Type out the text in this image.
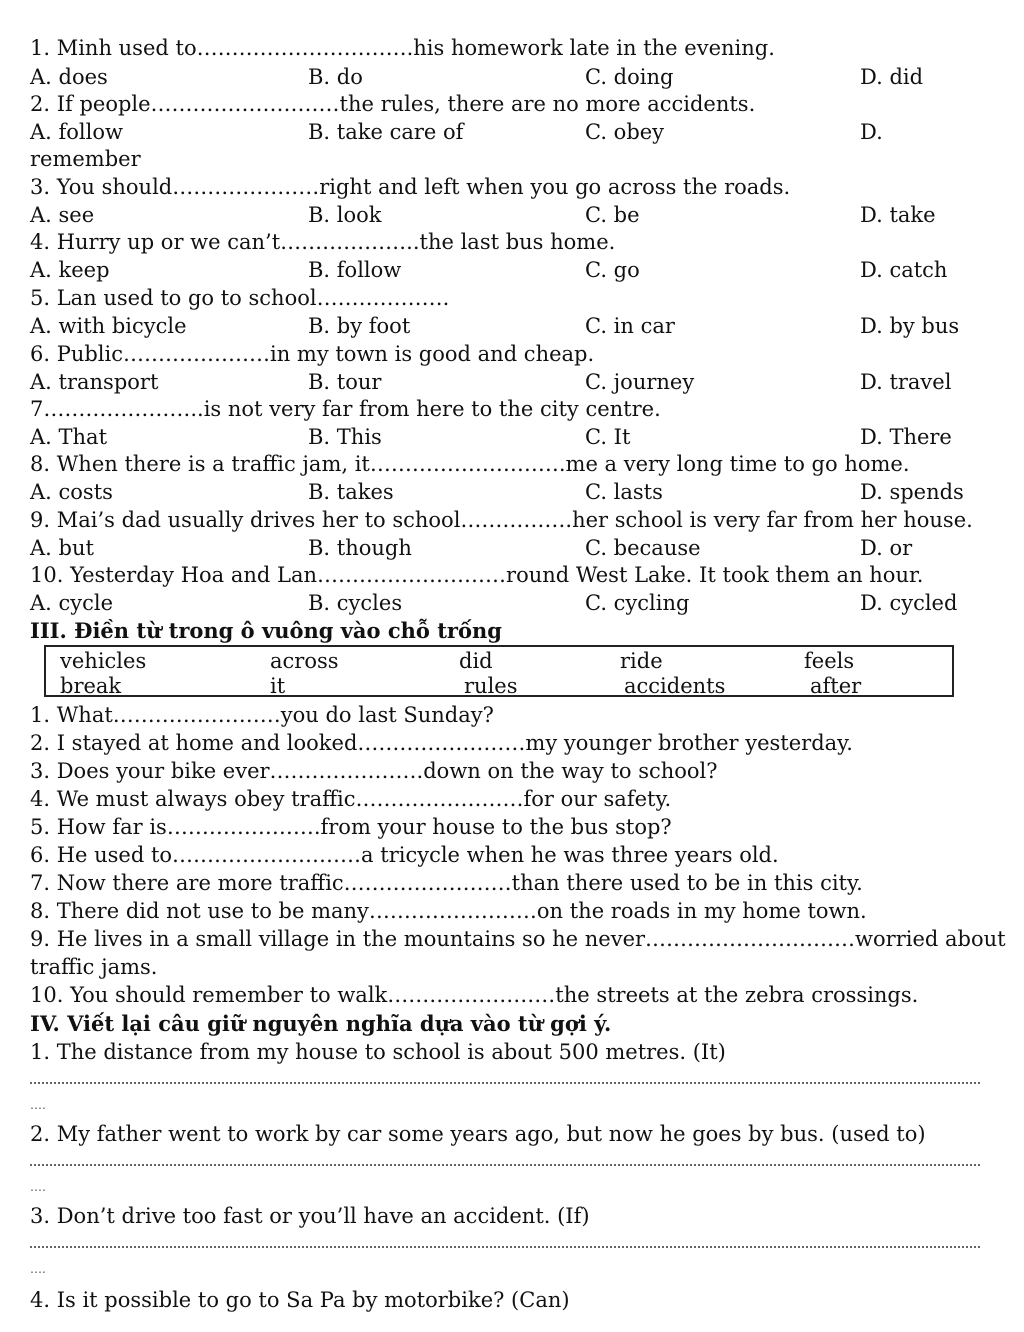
1. Minh used to………………………….his homework late in the evening.
A. does	B. do	C. doing	D. did
2. If people………………………the rules, there are no more accidents.
A. follow	B. take care of	C. obey	D.
remember
3. You should…………………right and left when you go across the roads.
A. see	B. look	C. be	D. take
4. Hurry up or we can’t………………..the last bus home.
A. keep	B. follow	C. go	D. catch
5. Lan used to go to school……………….
A. with bicycle	B. by foot	C. in car	D. by bus
6. Public…………………in my town is good and cheap.
A. transport	B. tour	C. journey	D. travel
7…………………..is not very far from here to the city centre.
A. That	B. This	C. It	D. There
8. When there is a traffic jam, it……………………….me a very long time to go home.
A. costs	B. takes	C. lasts	D. spends
9. Mai’s dad usually drives her to school…………….her school is very far from her house.
A. but	B. though	C. because	D. or
10. Yesterday Hoa and Lan………………………round West Lake. It took them an hour.
A. cycle	B. cycles	C. cycling	D. cycled
III. Điền từ trong ô vuông vào chỗ trống
vehicles	across	did	ride	feels
break	it	rules	accidents	after
1. What……………………you do last Sunday?
2. I stayed at home and looked……………………my younger brother yesterday.
3. Does your bike ever………………….down on the way to school?
4. We must always obey traffic……………………for our safety.
5. How far is………………….from your house to the bus stop?
6. He used to………………………a tricycle when he was three years old.
7. Now there are more traffic……………………than there used to be in this city.
8. There did not use to be many……………………on the roads in my home town.
9. He lives in a small village in the mountains so he never…………………………worried about
traffic jams.
10. You should remember to walk……………………the streets at the zebra crossings.
IV. Viết lại câu giữ nguyên nghĩa dựa vào từ gợi ý.
1. The distance from my house to school is about 500 metres. (It)
….
2. My father went to work by car some years ago, but now he goes by bus. (used to)
….
3. Don’t drive too fast or you’ll have an accident. (If)
….
4. Is it possible to go to Sa Pa by motorbike? (Can)
